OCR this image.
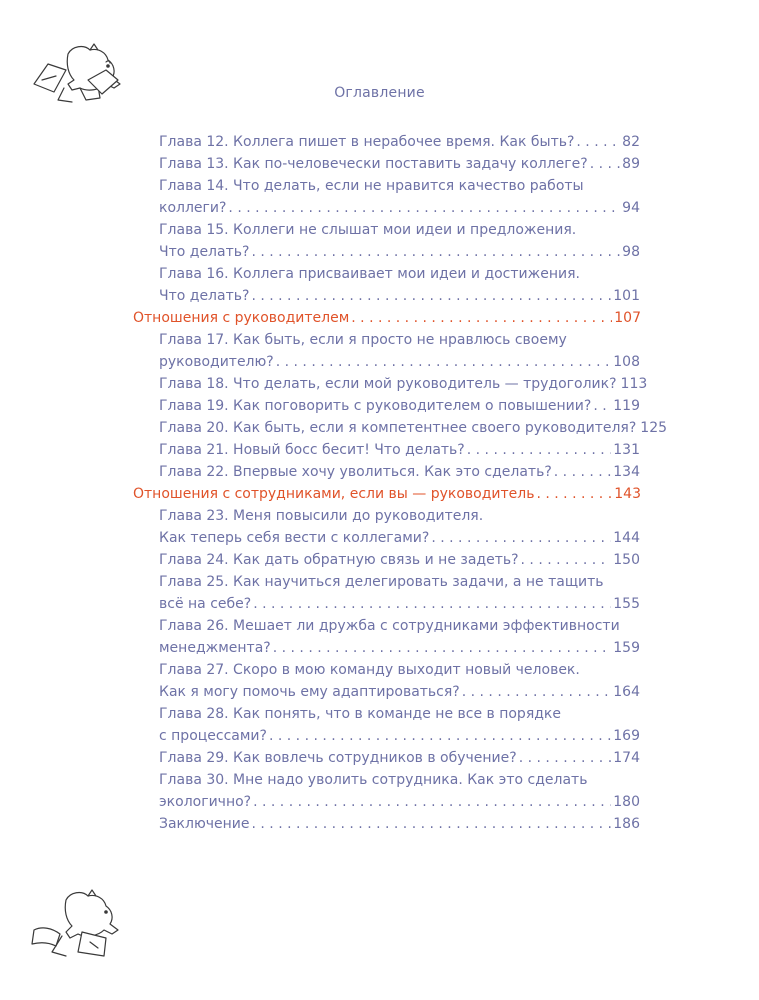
Оглавление
Глава 12. Коллега пишет в нерабочее время. Как быть? . . .	82
Глава 13. Как по-человечески поставить задачу коллеге? . . . 89
Глава 14. Что делать, если не нравится качество работы
коллеги? . . .	94
Глава 15. Коллеги не слышат мои идеи и предложения.
Что делать? . . .	98
Глава 16. Коллега присваивает мои идеи и достижения.
Что делать? . . .	101
Отношения с руководителем . . .	107
Глава 17. Как быть, если я просто не нравлюсь своему
руководителю? . . .	108
Глава 18. Что делать, если мой руководитель — трудоголик? 113
Глава 19. Как поговорить с руководителем о повышении? . . . 119
Глава 20. Как быть, если я компетентнее своего руководителя? 125
Глава 21. Новый босс бесит! Что делать? . . .	131
Глава 22. Впервые хочу уволиться. Как это сделать? . . .	134
Отношения с сотрудниками, если вы — руководитель . . .	143
Глава 23. Меня повысили до руководителя.
Как теперь себя вести с коллегами? . . .	144
Глава 24. Как дать обратную связь и не задеть? . . .	150
Глава 25. Как научиться делегировать задачи, а не тащить
всё на себе? . . .	155
Глава 26. Мешает ли дружба с сотрудниками эффективности
менеджмента? . . .	159
Глава 27. Скоро в мою команду выходит новый человек.
Как я могу помочь ему адаптироваться? . . .	164
Глава 28. Как понять, что в команде не все в порядке
с процессами? . . .	169
Глава 29. Как вовлечь сотрудников в обучение? . . .	174
Глава 30. Мне надо уволить сотрудника. Как это сделать
экологично? . . .	180
Заключение . . .	186
